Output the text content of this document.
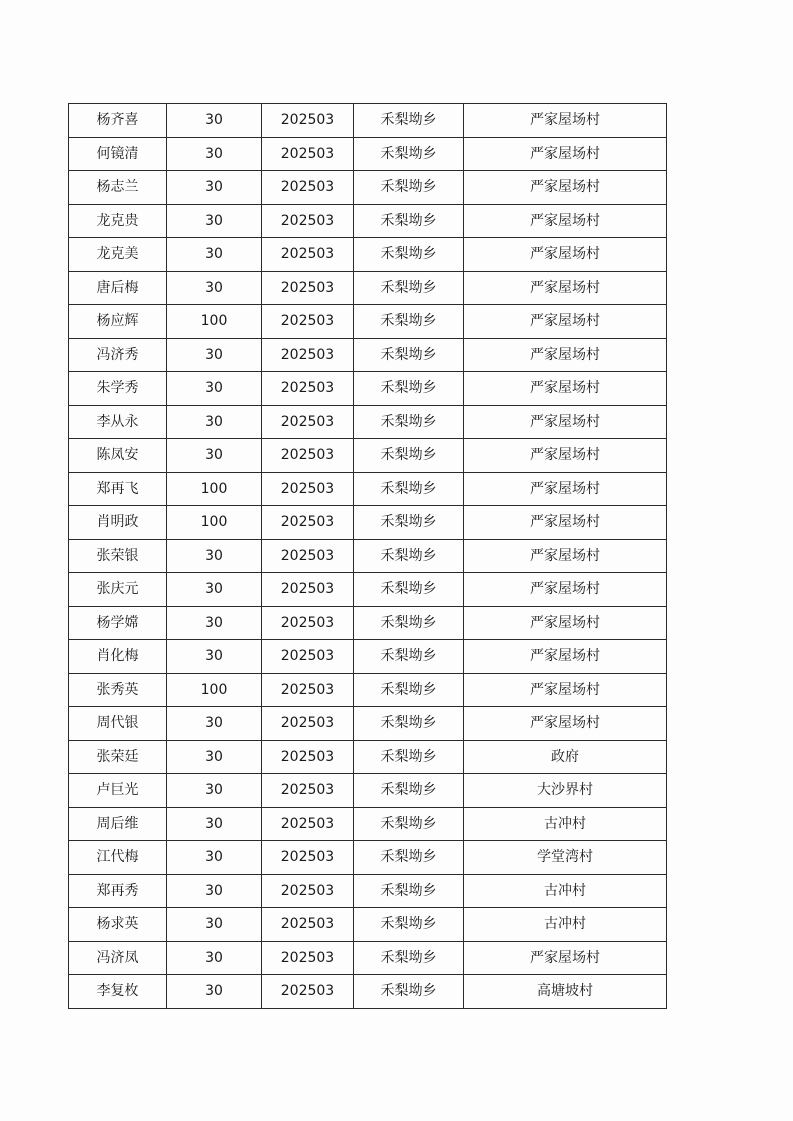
杨齐喜	30	202503	禾梨坳乡	严家屋场村
何镜清	30	202503	禾梨坳乡	严家屋场村
杨志兰	30	202503	禾梨坳乡	严家屋场村
龙克贵	30	202503	禾梨坳乡	严家屋场村
龙克美	30	202503	禾梨坳乡	严家屋场村
唐后梅	30	202503	禾梨坳乡	严家屋场村
杨应辉	100	202503	禾梨坳乡	严家屋场村
冯济秀	30	202503	禾梨坳乡	严家屋场村
朱学秀	30	202503	禾梨坳乡	严家屋场村
李从永	30	202503	禾梨坳乡	严家屋场村
陈凤安	30	202503	禾梨坳乡	严家屋场村
郑再飞	100	202503	禾梨坳乡	严家屋场村
肖明政	100	202503	禾梨坳乡	严家屋场村
张荣银	30	202503	禾梨坳乡	严家屋场村
张庆元	30	202503	禾梨坳乡	严家屋场村
杨学嫦	30	202503	禾梨坳乡	严家屋场村
肖化梅	30	202503	禾梨坳乡	严家屋场村
张秀英	100	202503	禾梨坳乡	严家屋场村
周代银	30	202503	禾梨坳乡	严家屋场村
张荣廷	30	202503	禾梨坳乡	政府
卢巨光	30	202503	禾梨坳乡	大沙界村
周后维	30	202503	禾梨坳乡	古冲村
江代梅	30	202503	禾梨坳乡	学堂湾村
郑再秀	30	202503	禾梨坳乡	古冲村
杨求英	30	202503	禾梨坳乡	古冲村
冯济凤	30	202503	禾梨坳乡	严家屋场村
李复枚	30	202503	禾梨坳乡	高塘坡村
